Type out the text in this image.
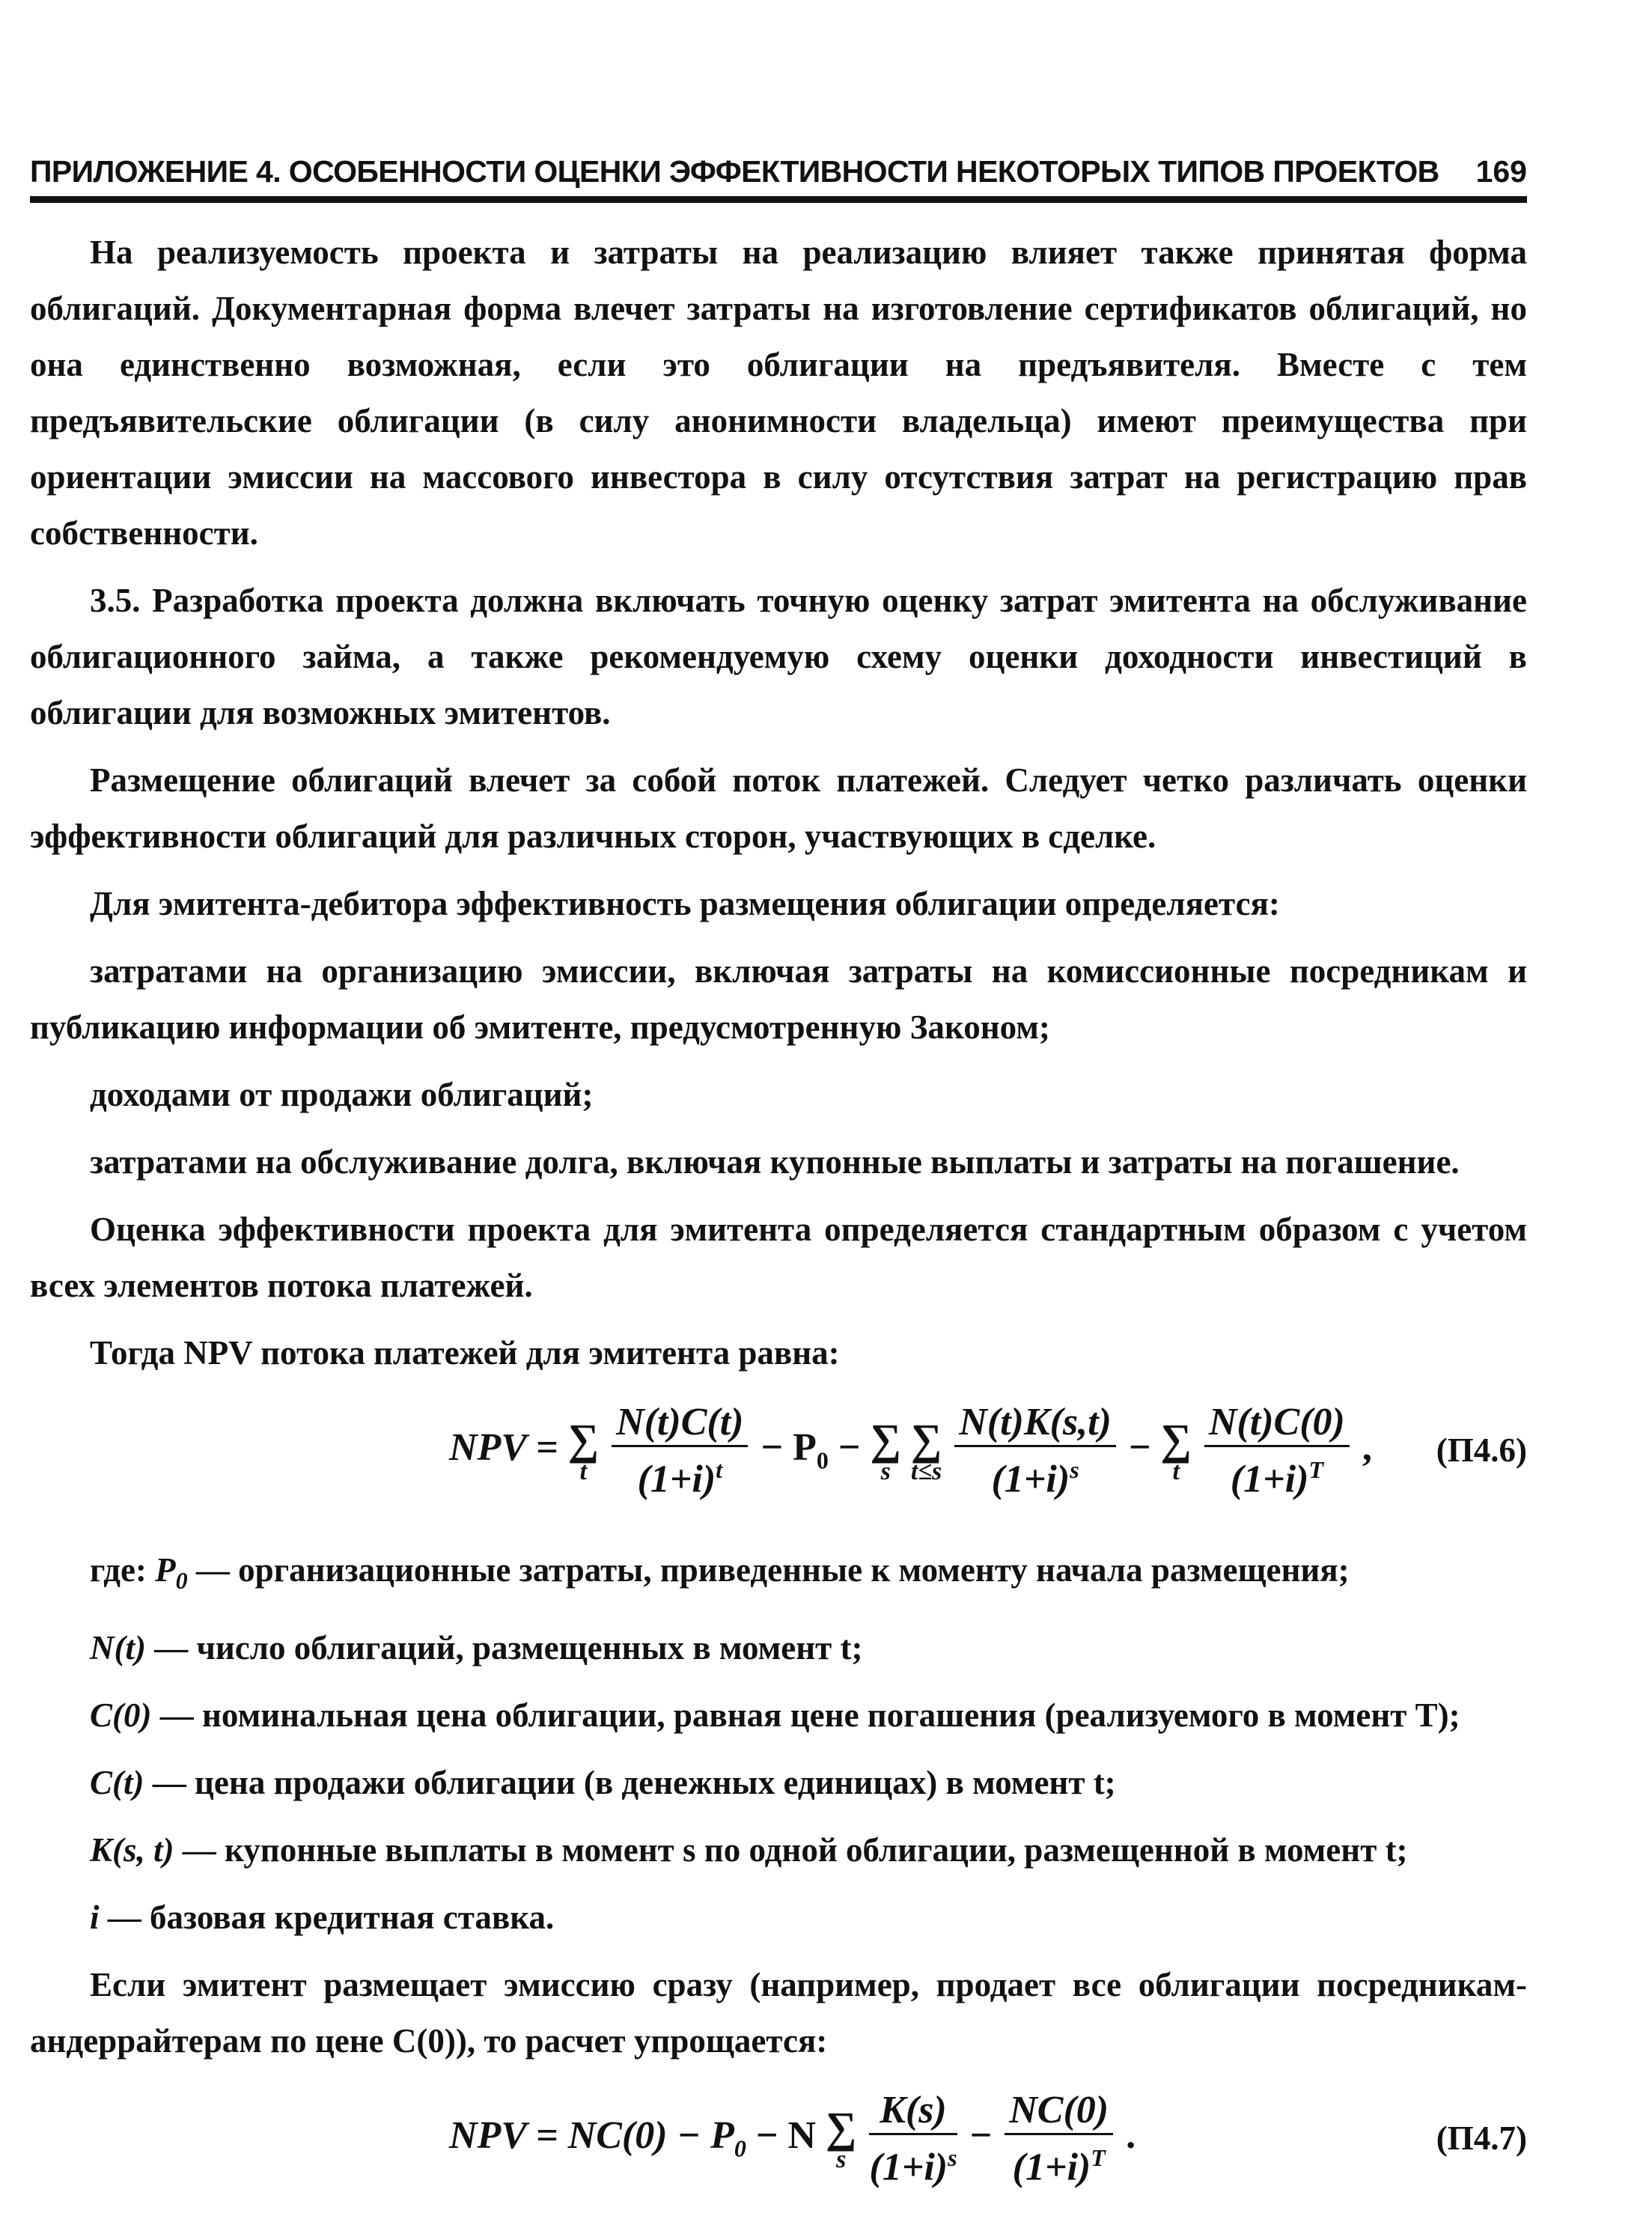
ПРИЛОЖЕНИЕ 4. ОСОБЕННОСТИ ОЦЕНКИ ЭФФЕКТИВНОСТИ НЕКОТОРЫХ ТИПОВ ПРОЕКТОВ 169

На реализуемость проекта и затраты на реализацию влияет также принятая форма облигаций. Документарная форма влечет затраты на изготовление сертификатов облигаций, но она единственно возможная, если это облигации на предъявителя. Вместе с тем предъявительские облигации (в силу анонимности владельца) имеют преимущества при ориентации эмиссии на массового инвестора в силу отсутствия затрат на регистрацию прав собственности.

3.5. Разработка проекта должна включать точную оценку затрат эмитента на обслуживание облигационного займа, а также рекомендуемую схему оценки доходности инвестиций в облигации для возможных эмитентов.

Размещение облигаций влечет за собой поток платежей. Следует четко различать оценки эффективности облигаций для различных сторон, участвующих в сделке.

Для эмитента-дебитора эффективность размещения облигации определяется:

затратами на организацию эмиссии, включая затраты на комиссионные посредникам и публикацию информации об эмитенте, предусмотренную Законом;

доходами от продажи облигаций;

затратами на обслуживание долга, включая купонные выплаты и затраты на погашение.

Оценка эффективности проекта для эмитента определяется стандартным образом с учетом всех элементов потока платежей.

Тогда NPV потока платежей для эмитента равна:

NPV = ∑
t
$\frac{N(t)C(t)}{(1+i)^t} - P_0$ − ∑
s

∑
t≤s
$\frac{N(t)K(s,t)}{(1+i)^s}$ − ∑
t
$\frac{N(t)C(0)}{(1+i)^T}$ , (П4.6)

где: $P_0$ — организационные затраты, приведенные к моменту начала размещения;

N(t) — число облигаций, размещенных в момент t;

C(0) — номинальная цена облигации, равная цене погашения (реализуемого в момент T);

C(t) — цена продажи облигации (в денежных единицах) в момент t;

K(s, t) — купонные выплаты в момент s по одной облигации, размещенной в момент t;

i — базовая кредитная ставка.

Если эмитент размещает эмиссию сразу (например, продает все облигации посредникам-андеррайтерам по цене C(0)), то расчет упрощается:

NPV = $NC(0) - P_0 - N$ ∑
s
$\frac{K(s)}{(1+i)^s} - \frac{NC(0)}{(1+i)^T}$ .	(П4.7)
